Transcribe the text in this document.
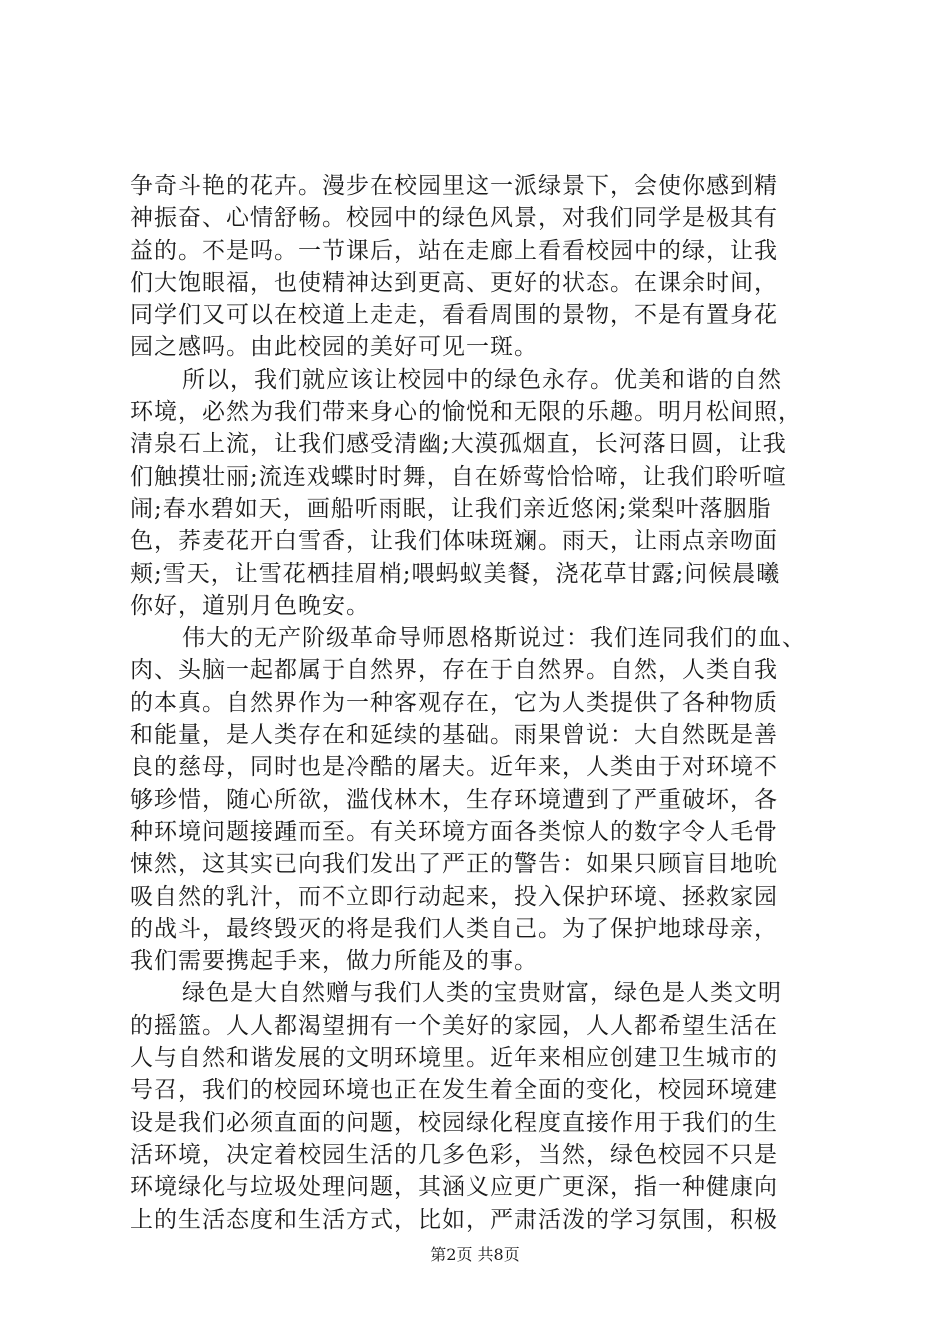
争奇斗艳的花卉。漫步在校园里这一派绿景下，会使你感到精
神振奋、心情舒畅。校园中的绿色风景，对我们同学是极其有
益的。不是吗。一节课后，站在走廊上看看校园中的绿，让我
们大饱眼福，也使精神达到更高、更好的状态。在课余时间，
同学们又可以在校道上走走，看看周围的景物，不是有置身花
园之感吗。由此校园的美好可见一斑。
所以，我们就应该让校园中的绿色永存。优美和谐的自然
环境，必然为我们带来身心的愉悦和无限的乐趣。明月松间照，
清泉石上流，让我们感受清幽;大漠孤烟直，长河落日圆，让我
们触摸壮丽;流连戏蝶时时舞，自在娇莺恰恰啼，让我们聆听喧
闹;春水碧如天，画船听雨眠，让我们亲近悠闲;棠梨叶落胭脂
色，荞麦花开白雪香，让我们体味斑斓。雨天，让雨点亲吻面
颊;雪天，让雪花栖挂眉梢;喂蚂蚁美餐，浇花草甘露;问候晨曦
你好，道别月色晚安。
伟大的无产阶级革命导师恩格斯说过：我们连同我们的血、
肉、头脑一起都属于自然界，存在于自然界。自然，人类自我
的本真。自然界作为一种客观存在，它为人类提供了各种物质
和能量，是人类存在和延续的基础。雨果曾说：大自然既是善
良的慈母，同时也是冷酷的屠夫。近年来，人类由于对环境不
够珍惜，随心所欲，滥伐林木，生存环境遭到了严重破坏，各
种环境问题接踵而至。有关环境方面各类惊人的数字令人毛骨
悚然，这其实已向我们发出了严正的警告：如果只顾盲目地吮
吸自然的乳汁，而不立即行动起来，投入保护环境、拯救家园
的战斗，最终毁灭的将是我们人类自己。为了保护地球母亲，
我们需要携起手来，做力所能及的事。
绿色是大自然赠与我们人类的宝贵财富，绿色是人类文明
的摇篮。人人都渴望拥有一个美好的家园，人人都希望生活在
人与自然和谐发展的文明环境里。近年来相应创建卫生城市的
号召，我们的校园环境也正在发生着全面的变化，校园环境建
设是我们必须直面的问题，校园绿化程度直接作用于我们的生
活环境，决定着校园生活的几多色彩，当然，绿色校园不只是
环境绿化与垃圾处理问题，其涵义应更广更深，指一种健康向
上的生活态度和生活方式，比如，严肃活泼的学习氛围，积极
第2页 共8页
